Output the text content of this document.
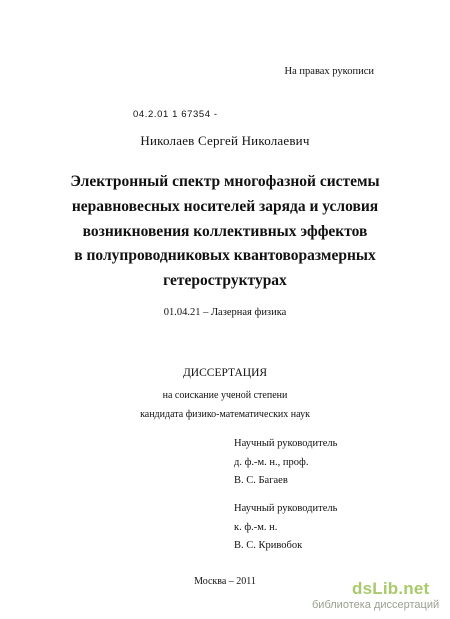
На правах рукописи
04.2.01 1 67354 -
Николаев Сергей Николаевич
Электронный спектр многофазной системы
неравновесных носителей заряда и условия
возникновения коллективных эффектов
в полупроводниковых квантоворазмерных
гетероструктурах
01.04.21 – Лазерная физика
ДИССЕРТАЦИЯ
на соискание ученой степени
кандидата физико-математических наук
Научный руководитель
д. ф.-м. н., проф.
В. С. Багаев
Научный руководитель
к. ф.-м. н.
В. С. Кривобок
Москва – 2011	dsLib.net
библиотека диссертаций
